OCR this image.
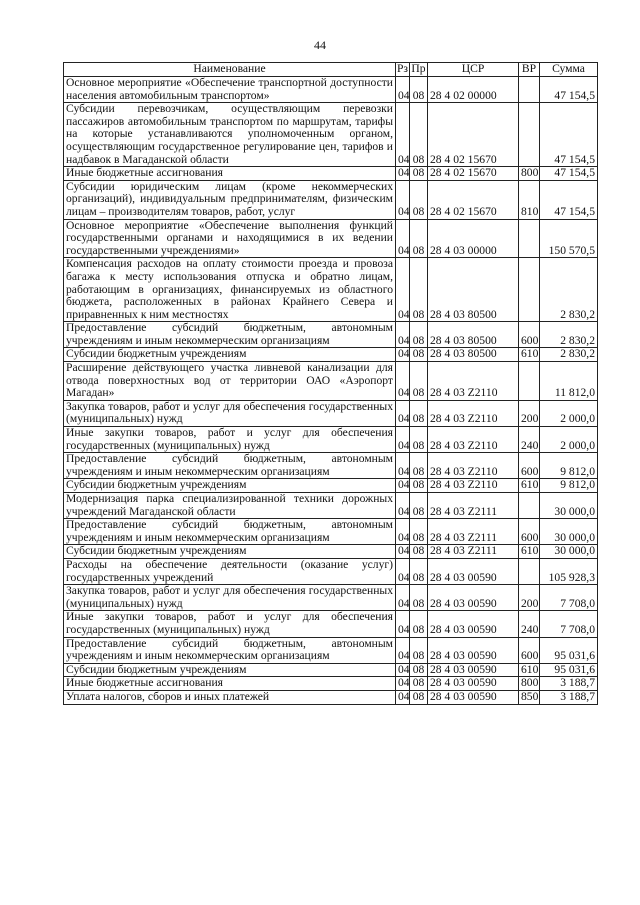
44
Наименование	Рз	Пр	ЦСР	ВР	Сумма
Основное мероприятие «Обеспечение транспортной доступности населения автомобильным транспортом»	04	08	28 4 02 00000		47 154,5
Субсидии перевозчикам, осуществляющим перевозки пассажиров автомобильным транспортом по маршрутам, тарифы на которые устанавливаются уполномоченным органом, осуществляющим государственное регулирование цен, тарифов и надбавок в Магаданской области	04	08	28 4 02 15670		47 154,5
Иные бюджетные ассигнования	04	08	28 4 02 15670	800	47 154,5
Субсидии юридическим лицам (кроме некоммерческих организаций), индивидуальным предпринимателям, физическим лицам – производителям товаров, работ, услуг	04	08	28 4 02 15670	810	47 154,5
Основное мероприятие «Обеспечение выполнения функций государственными органами и находящимися в их ведении государственными учреждениями»	04	08	28 4 03 00000		150 570,5
Компенсация расходов на оплату стоимости проезда и провоза багажа к месту использования отпуска и обратно лицам, работающим в организациях, финансируемых из областного бюджета, расположенных в районах Крайнего Севера и приравненных к ним местностях	04	08	28 4 03 80500		2 830,2
Предоставление субсидий бюджетным, автономным учреждениям и иным некоммерческим организациям	04	08	28 4 03 80500	600	2 830,2
Субсидии бюджетным учреждениям	04	08	28 4 03 80500	610	2 830,2
Расширение действующего участка ливневой канализации для отвода поверхностных вод от территории ОАО «Аэропорт Магадан»	04	08	28 4 03 Z2110		11 812,0
Закупка товаров, работ и услуг для обеспечения государственных (муниципальных) нужд	04	08	28 4 03 Z2110	200	2 000,0
Иные закупки товаров, работ и услуг для обеспечения государственных (муниципальных) нужд	04	08	28 4 03 Z2110	240	2 000,0
Предоставление субсидий бюджетным, автономным учреждениям и иным некоммерческим организациям	04	08	28 4 03 Z2110	600	9 812,0
Субсидии бюджетным учреждениям	04	08	28 4 03 Z2110	610	9 812,0
Модернизация парка специализированной техники дорожных учреждений Магаданской области	04	08	28 4 03 Z2111		30 000,0
Предоставление субсидий бюджетным, автономным учреждениям и иным некоммерческим организациям	04	08	28 4 03 Z2111	600	30 000,0
Субсидии бюджетным учреждениям	04	08	28 4 03 Z2111	610	30 000,0
Расходы на обеспечение деятельности (оказание услуг) государственных учреждений	04	08	28 4 03 00590		105 928,3
Закупка товаров, работ и услуг для обеспечения государственных (муниципальных) нужд	04	08	28 4 03 00590	200	7 708,0
Иные закупки товаров, работ и услуг для обеспечения государственных (муниципальных) нужд	04	08	28 4 03 00590	240	7 708,0
Предоставление субсидий бюджетным, автономным учреждениям и иным некоммерческим организациям	04	08	28 4 03 00590	600	95 031,6
Субсидии бюджетным учреждениям	04	08	28 4 03 00590	610	95 031,6
Иные бюджетные ассигнования	04	08	28 4 03 00590	800	3 188,7
Уплата налогов, сборов и иных платежей	04	08	28 4 03 00590	850	3 188,7
